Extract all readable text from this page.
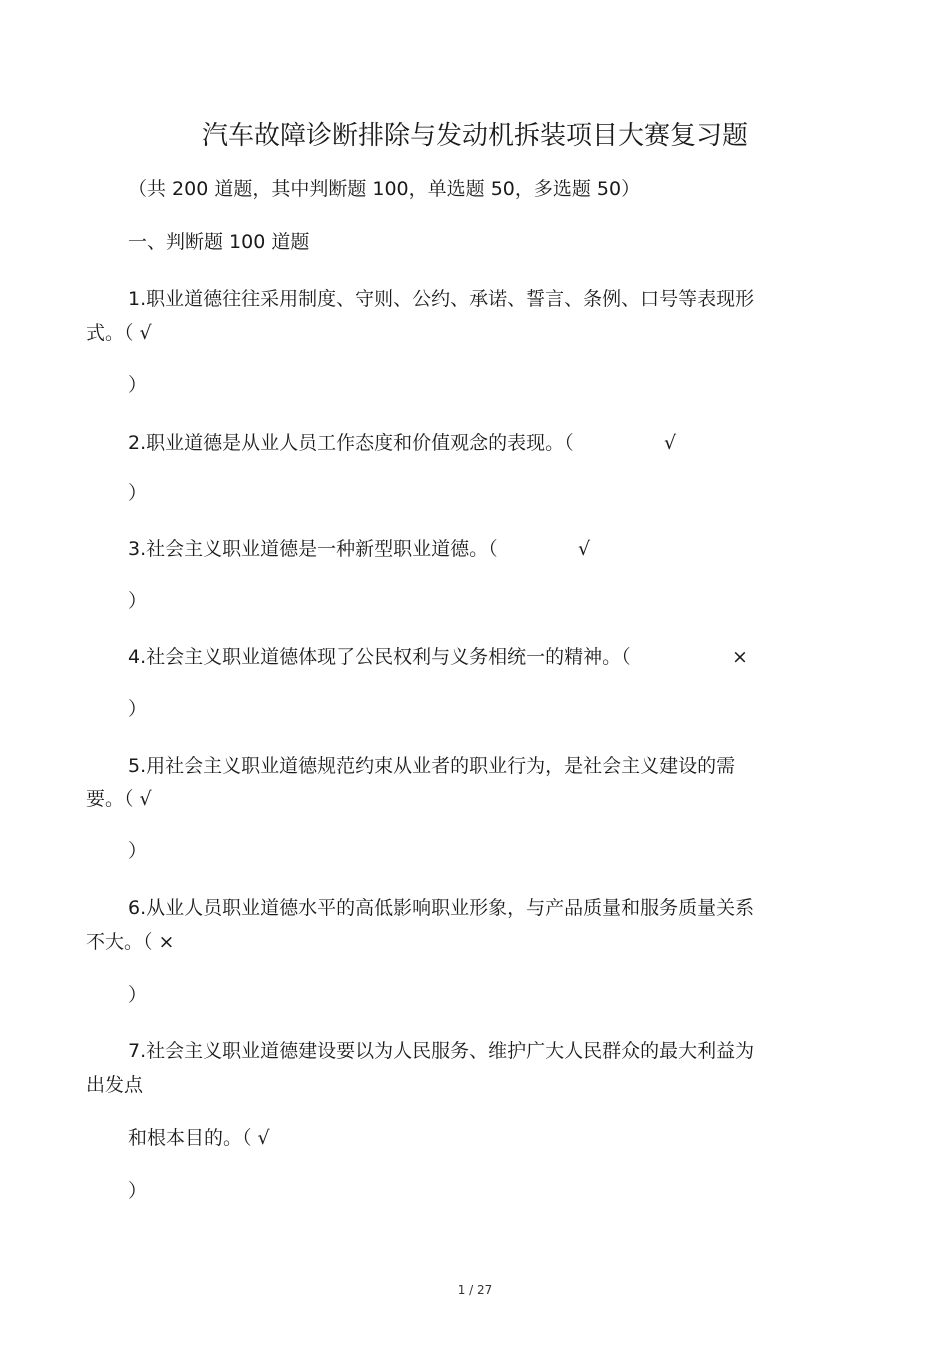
汽车故障诊断排除与发动机拆装项目大赛复习题
（共 200 道题，其中判断题 100，单选题 50，多选题 50）
一、判断题 100 道题
1.职业道德往往采用制度、守则、公约、承诺、誓言、条例、口号等表现形
式。（ √
）
2.职业道德是从业人员工作态度和价值观念的表现。（	√
）
3.社会主义职业道德是一种新型职业道德。（	√
）
4.社会主义职业道德体现了公民权利与义务相统一的精神。（	×
）
5.用社会主义职业道德规范约束从业者的职业行为，是社会主义建设的需
要。（ √
）
6.从业人员职业道德水平的高低影响职业形象，与产品质量和服务质量关系
不大。（ ×
）
7.社会主义职业道德建设要以为人民服务、维护广大人民群众的最大利益为
出发点
和根本目的。（ √
）
1 / 27
